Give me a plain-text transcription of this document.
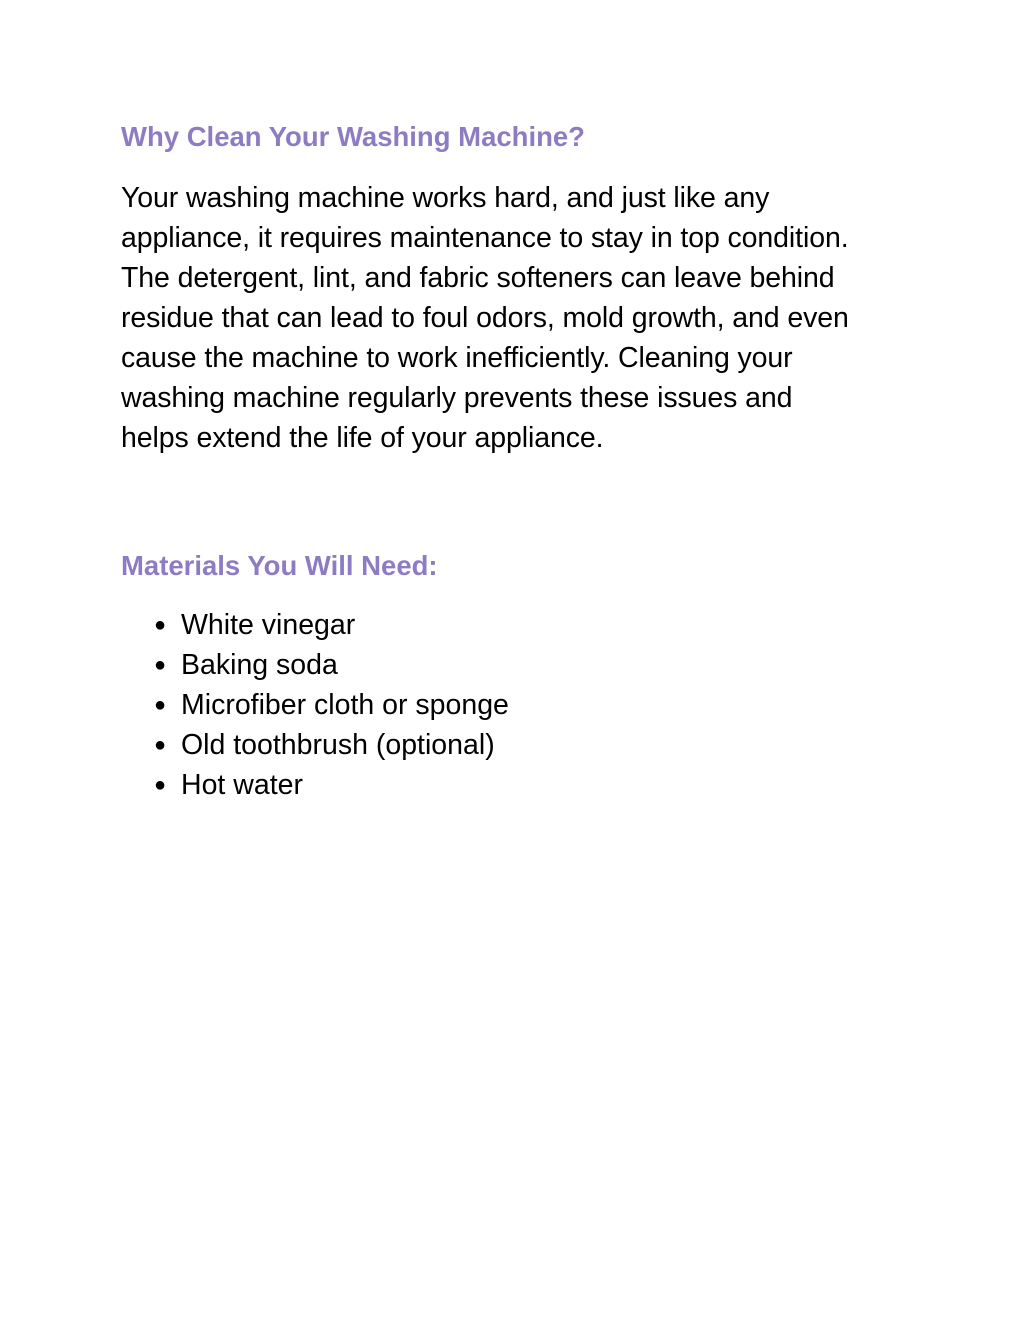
Why Clean Your Washing Machine?

Your washing machine works hard, and just like any
appliance, it requires maintenance to stay in top condition.
The detergent, lint, and fabric softeners can leave behind
residue that can lead to foul odors, mold growth, and even
cause the machine to work inefficiently. Cleaning your
washing machine regularly prevents these issues and
helps extend the life of your appliance.

Materials You Will Need:
● White vinegar
● Baking soda
● Microfiber cloth or sponge
● Old toothbrush (optional)
● Hot water
